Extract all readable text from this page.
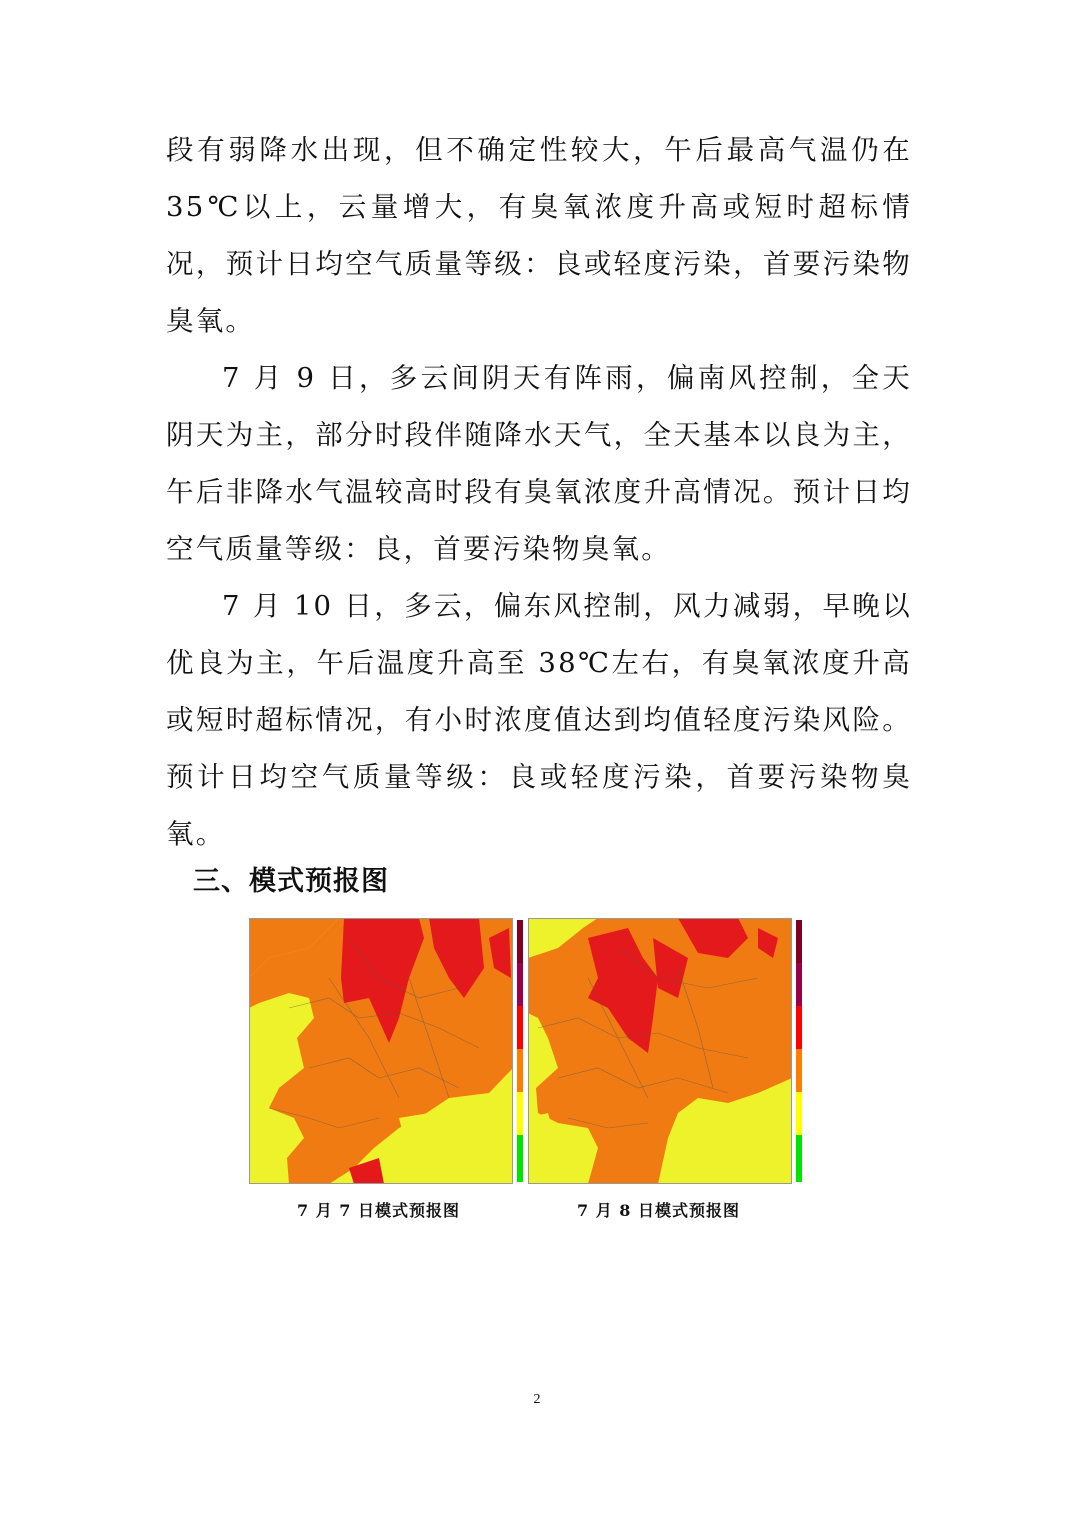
段有弱降水出现，但不确定性较大，午后最高气温仍在 35℃以上，云量增大，有臭氧浓度升高或短时超标情况，预计日均空气质量等级：良或轻度污染，首要污染物臭氧。

7 月 9 日，多云间阴天有阵雨，偏南风控制，全天阴天为主，部分时段伴随降水天气，全天基本以良为主，午后非降水气温较高时段有臭氧浓度升高情况。预计日均空气质量等级：良，首要污染物臭氧。

7 月 10 日，多云，偏东风控制，风力减弱，早晚以优良为主，午后温度升高至 38℃左右，有臭氧浓度升高或短时超标情况，有小时浓度值达到均值轻度污染风险。预计日均空气质量等级：良或轻度污染，首要污染物臭氧。

三、模式预报图
7 月 7 日模式预报图	7 月 8 日模式预报图
2
